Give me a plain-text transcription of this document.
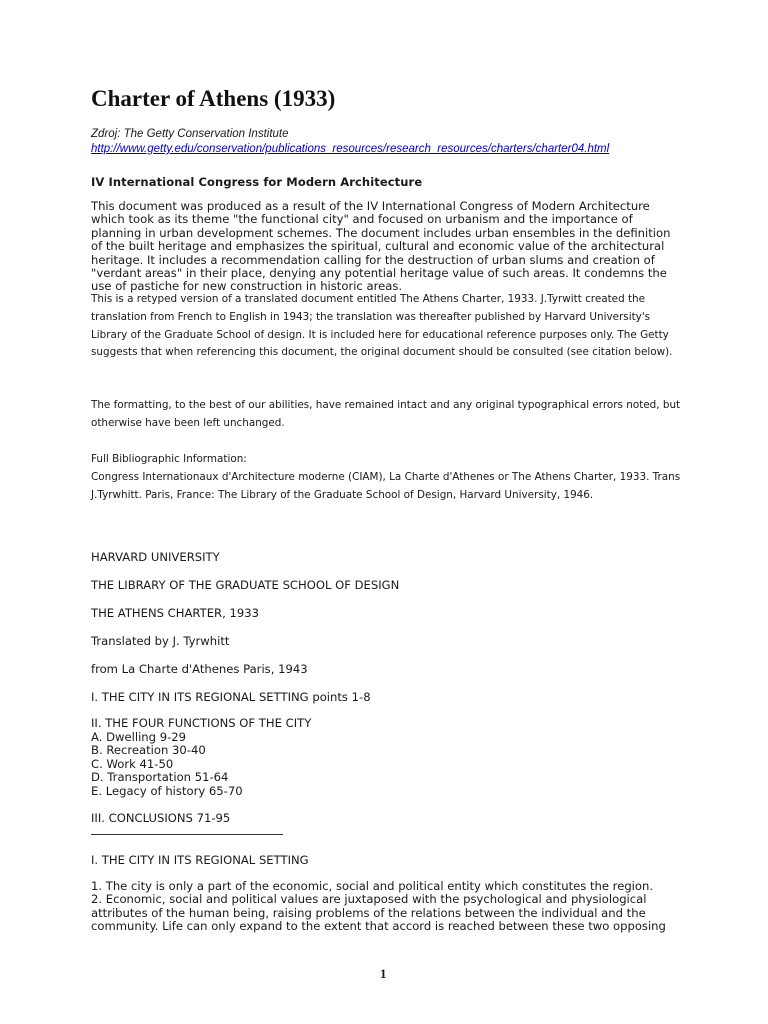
Charter of Athens (1933)
Zdroj: The Getty Conservation Institute
http://www.getty.edu/conservation/publications_resources/research_resources/charters/charter04.html
IV International Congress for Modern Architecture

This document was produced as a result of the IV International Congress of Modern Architecture which took as its theme "the functional city" and focused on urbanism and the importance of planning in urban development schemes. The document includes urban ensembles in the definition of the built heritage and emphasizes the spiritual, cultural and economic value of the architectural heritage. It includes a recommendation calling for the destruction of urban slums and creation of "verdant areas" in their place, denying any potential heritage value of such areas. It condemns the use of pastiche for new construction in historic areas.

This is a retyped version of a translated document entitled The Athens Charter, 1933. J.Tyrwitt created the translation from French to English in 1943; the translation was thereafter published by Harvard University's Library of the Graduate School of design. It is included here for educational reference purposes only. The Getty suggests that when referencing this document, the original document should be consulted (see citation below).

The formatting, to the best of our abilities, have remained intact and any original typographical errors noted, but otherwise have been left unchanged.

Full Bibliographic Information:

Congress Internationaux d'Architecture moderne (CIAM), La Charte d'Athenes or The Athens Charter, 1933. Trans J.Tyrwhitt. Paris, France: The Library of the Graduate School of Design, Harvard University, 1946.

HARVARD UNIVERSITY

THE LIBRARY OF THE GRADUATE SCHOOL OF DESIGN

THE ATHENS CHARTER, 1933

Translated by J. Tyrwhitt

from La Charte d'Athenes Paris, 1943

I. THE CITY IN ITS REGIONAL SETTING points 1-8

II. THE FOUR FUNCTIONS OF THE CITY
A. Dwelling 9-29
B. Recreation 30-40
C. Work 41-50
D. Transportation 51-64
E. Legacy of history 65-70

III. CONCLUSIONS 71-95

I. THE CITY IN ITS REGIONAL SETTING

1. The city is only a part of the economic, social and political entity which constitutes the region.
2. Economic, social and political values are juxtaposed with the psychological and physiological attributes of the human being, raising problems of the relations between the individual and the community. Life can only expand to the extent that accord is reached between these two opposing
1
